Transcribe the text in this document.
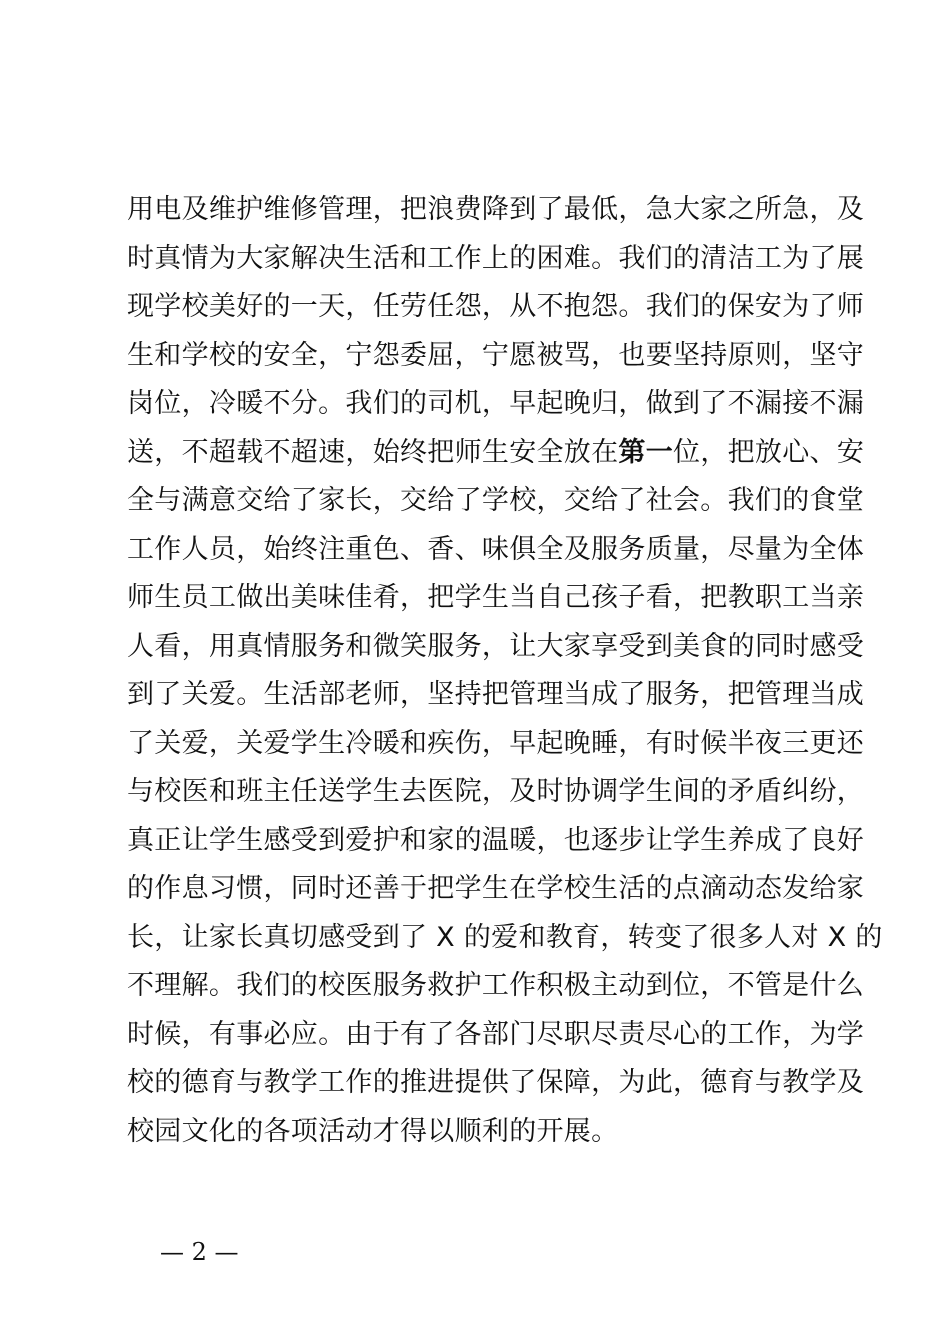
用电及维护维修管理，把浪费降到了最低，急大家之所急，及
时真情为大家解决生活和工作上的困难。我们的清洁工为了展
现学校美好的一天，任劳任怨，从不抱怨。我们的保安为了师
生和学校的安全，宁怨委屈，宁愿被骂，也要坚持原则，坚守
岗位，冷暖不分。我们的司机，早起晚归，做到了不漏接不漏
送，不超载不超速，始终把师生安全放在第一位，把放心、安
全与满意交给了家长，交给了学校，交给了社会。我们的食堂
工作人员，始终注重色、香、味俱全及服务质量，尽量为全体
师生员工做出美味佳肴，把学生当自己孩子看，把教职工当亲
人看，用真情服务和微笑服务，让大家享受到美食的同时感受
到了关爱。生活部老师，坚持把管理当成了服务，把管理当成
了关爱，关爱学生冷暖和疾伤，早起晚睡，有时候半夜三更还
与校医和班主任送学生去医院，及时协调学生间的矛盾纠纷，
真正让学生感受到爱护和家的温暖，也逐步让学生养成了良好
的作息习惯，同时还善于把学生在学校生活的点滴动态发给家
长，让家长真切感受到了 X 的爱和教育，转变了很多人对 X 的
不理解。我们的校医服务救护工作积极主动到位，不管是什么
时候，有事必应。由于有了各部门尽职尽责尽心的工作，为学
校的德育与教学工作的推进提供了保障，为此，德育与教学及
校园文化的各项活动才得以顺利的开展。
— 2 —
